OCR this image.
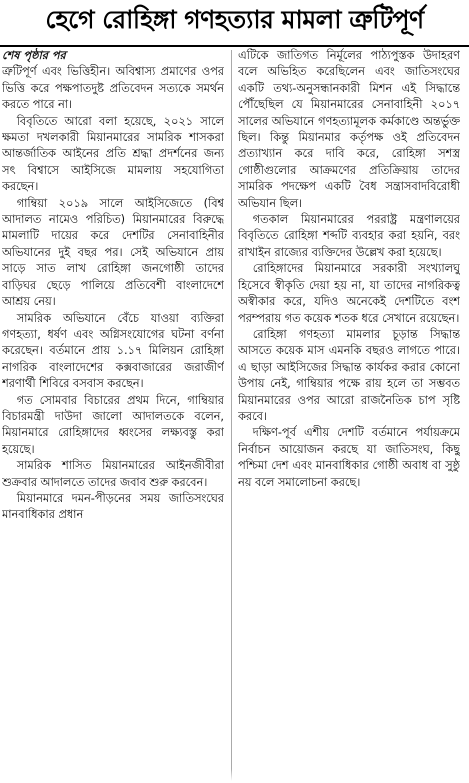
হেগে রোহিঙ্গা গণহত্যার মামলা ত্রুটিপূর্ণ

শেষ পৃষ্ঠার পর

ত্রুটিপূর্ণ এবং ভিত্তিহীন। অবিশ্বাস্য প্রমাণের ওপর ভিত্তি করে পক্ষপাতদুষ্ট প্রতিবেদন সত্যকে সমর্থন করতে পারে না।

বিবৃতিতে আরো বলা হয়েছে, ২০২১ সালে ক্ষমতা দখলকারী মিয়ানমারের সামরিক শাসকরা আন্তর্জাতিক আইনের প্রতি শ্রদ্ধা প্রদর্শনের জন্য সৎ বিশ্বাসে আইসিজে মামলায় সহযোগিতা করছেন।

গাম্বিয়া ২০১৯ সালে আইসিজেতে (বিশ্ব আদালত নামেও পরিচিত) মিয়ানমারের বিরুদ্ধে মামলাটি দায়ের করে দেশটির সেনাবাহিনীর অভিযানের দুই বছর পর। সেই অভিযানে প্রায় সাড়ে সাত লাখ রোহিঙ্গা জনগোষ্ঠী তাদের বাড়িঘর ছেড়ে পালিয়ে প্রতিবেশী বাংলাদেশে আশ্রয় নেয়।

সামরিক অভিযানে বেঁচে যাওয়া ব্যক্তিরা গণহত্যা, ধর্ষণ এবং অগ্নিসংযোগের ঘটনা বর্ণনা করেছেন। বর্তমানে প্রায় ১.১৭ মিলিয়ন রোহিঙ্গা নাগরিক বাংলাদেশের কক্সবাজারের জরাজীর্ণ শরণার্থী শিবিরে বসবাস করছেন।

গত সোমবার বিচারের প্রথম দিনে, গাম্বিয়ার বিচারমন্ত্রী দাউদা জালো আদালতকে বলেন, মিয়ানমারে রোহিঙ্গাদের ধ্বংসের লক্ষ্যবস্তু করা হয়েছে।

সামরিক শাসিত মিয়ানমারের আইনজীবীরা শুক্রবার আদালতে তাদের জবাব শুরু করবেন।

মিয়ানমারে দমন-পীড়নের সময় জাতিসংঘের মানবাধিকার প্রধান

এটিকে জাতিগত নির্মূলের পাঠ্যপুস্তক উদাহরণ বলে অভিহিত করেছিলেন এবং জাতিসংঘের একটি তথ্য-অনুসন্ধানকারী মিশন এই সিদ্ধান্তে পৌঁছেছিল যে মিয়ানমারের সেনাবাহিনী ২০১৭ সালের অভিযানে গণহত্যামূলক কর্মকাণ্ডে অন্তর্ভুক্ত ছিল। কিন্তু মিয়ানমার কর্তৃপক্ষ ওই প্রতিবেদন প্রত্যাখ্যান করে দাবি করে, রোহিঙ্গা সশস্ত্র গোষ্ঠীগুলোর আক্রমণের প্রতিক্রিয়ায় তাদের সামরিক পদক্ষেপ একটি বৈধ সন্ত্রাসবাদবিরোধী অভিযান ছিল।

গতকাল মিয়ানমারের পররাষ্ট্র মন্ত্রণালয়ের বিবৃতিতে রোহিঙ্গা শব্দটি ব্যবহার করা হয়নি, বরং রাখাইন রাজ্যের ব্যক্তিদের উল্লেখ করা হয়েছে।

রোহিঙ্গাদের মিয়ানমারে সরকারী সংখ্যালঘু হিসেবে স্বীকৃতি দেয়া হয় না, যা তাদের নাগরিকত্ব অস্বীকার করে, যদিও অনেকেই দেশটিতে বংশ পরম্পরায় গত কয়েক শতক ধরে সেখানে রয়েছেন।

রোহিঙ্গা গণহত্যা মামলার চূড়ান্ত সিদ্ধান্ত আসতে কয়েক মাস এমনকি বছরও লাগতে পারে। এ ছাড়া আইসিজের সিদ্ধান্ত কার্যকর করার কোনো উপায় নেই, গাম্বিয়ার পক্ষে রায় হলে তা সম্ভবত মিয়ানমারের ওপর আরো রাজনৈতিক চাপ সৃষ্টি করবে।

দক্ষিণ-পূর্ব এশীয় দেশটি বর্তমানে পর্যায়ক্রমে নির্বাচন আয়োজন করছে যা জাতিসংঘ, কিছু পশ্চিমা দেশ এবং মানবাধিকার গোষ্ঠী অবাধ বা সুষ্ঠু নয় বলে সমালোচনা করছে।
